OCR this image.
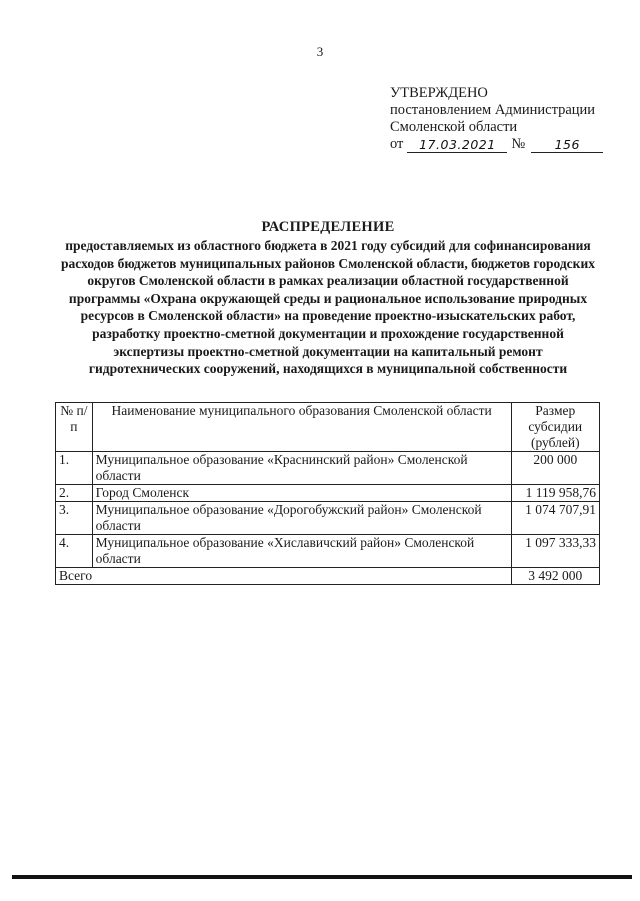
3
УТВЕРЖДЕНО
постановлением Администрации
Смоленской области
от	17.03.2021	№	156
РАСПРЕДЕЛЕНИЕ
предоставляемых из областного бюджета в 2021 году субсидий для софинансирования расходов бюджетов муниципальных районов Смоленской области, бюджетов городских округов Смоленской области в рамках реализации областной государственной программы «Охрана окружающей среды и рациональное использование природных ресурсов в Смоленской области» на проведение проектно-изыскательских работ, разработку проектно-сметной документации и прохождение государственной экспертизы проектно-сметной документации на капитальный ремонт гидротехнических сооружений, находящихся в муниципальной собственности
№ п/п	Наименование муниципального образования Смоленской области	Размер субсидии (рублей)
1.	Муниципальное образование «Краснинский район» Смоленской области	200 000
2.	Город Смоленск	1 119 958,76
3.	Муниципальное образование «Дорогобужский район» Смоленской области	1 074 707,91
4.	Муниципальное образование «Хиславичский район» Смоленской области	1 097 333,33
Всего		3 492 000
